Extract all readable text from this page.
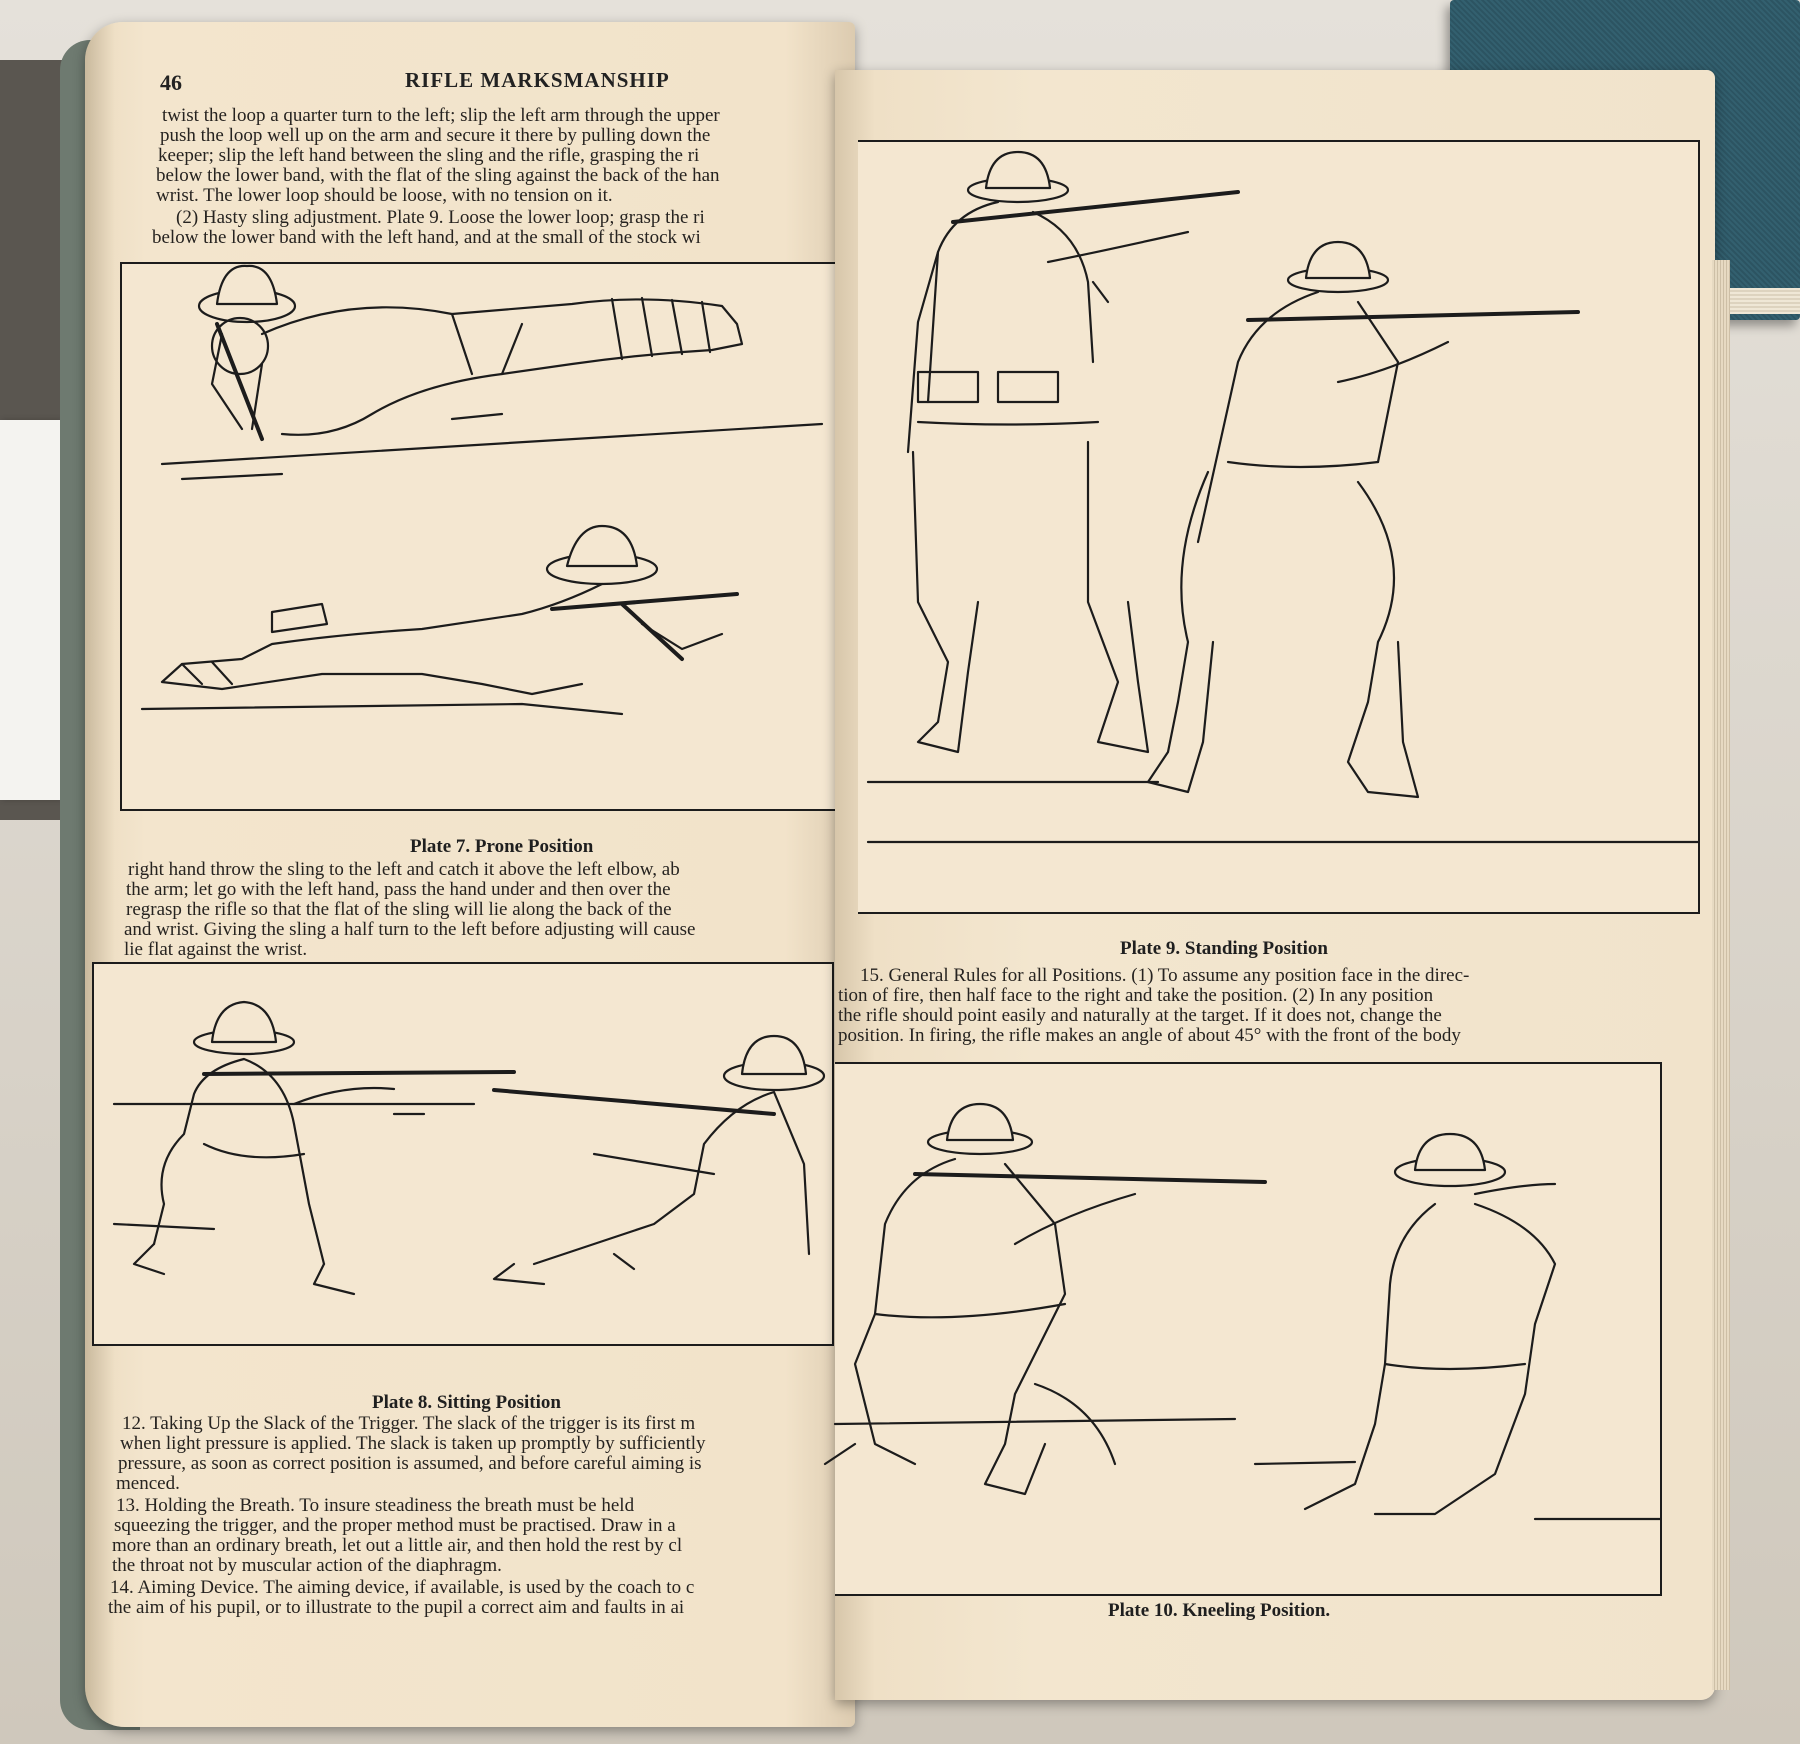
46	RIFLE MARKSMANSHIP
twist the loop a quarter turn to the left; slip the left arm through the upper
push the loop well up on the arm and secure it there by pulling down the
keeper; slip the left hand between the sling and the rifle, grasping the ri
below the lower band, with the flat of the sling against the back of the han
wrist. The lower loop should be loose, with no tension on it.
(2) Hasty sling adjustment. Plate 9. Loose the lower loop; grasp the ri
below the lower band with the left hand, and at the small of the stock wi
Plate 7. Prone Position
right hand throw the sling to the left and catch it above the left elbow, ab
the arm; let go with the left hand, pass the hand under and then over the
regrasp the rifle so that the flat of the sling will lie along the back of the
and wrist. Giving the sling a half turn to the left before adjusting will cause
lie flat against the wrist.
Plate 8. Sitting Position
12. Taking Up the Slack of the Trigger. The slack of the trigger is its first m
when light pressure is applied. The slack is taken up promptly by sufficiently
pressure, as soon as correct position is assumed, and before careful aiming is
menced.
13. Holding the Breath. To insure steadiness the breath must be held
squeezing the trigger, and the proper method must be practised. Draw in a
more than an ordinary breath, let out a little air, and then hold the rest by cl
the throat not by muscular action of the diaphragm.
14. Aiming Device. The aiming device, if available, is used by the coach to c
the aim of his pupil, or to illustrate to the pupil a correct aim and faults in ai
Plate 9. Standing Position
15. General Rules for all Positions. (1) To assume any position face in the direc-
tion of fire, then half face to the right and take the position. (2) In any position
the rifle should point easily and naturally at the target. If it does not, change the
position. In firing, the rifle makes an angle of about 45° with the front of the body
Plate 10. Kneeling Position.
